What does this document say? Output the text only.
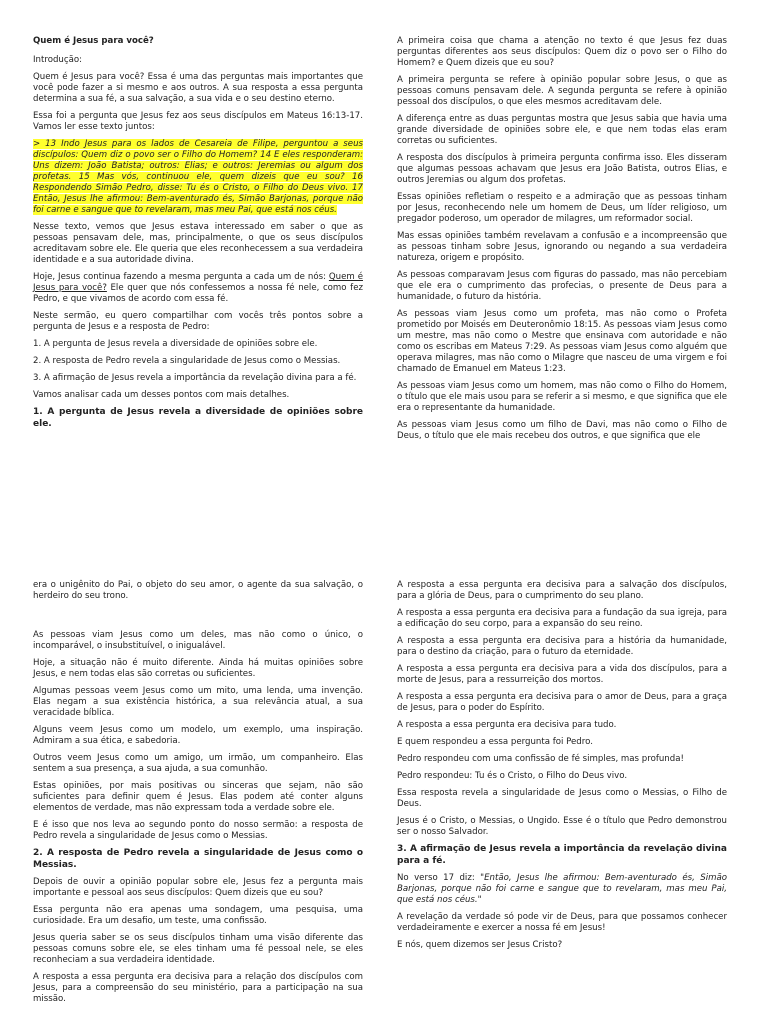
Quem é Jesus para você?

Introdução:

Quem é Jesus para você? Essa é uma das perguntas mais importantes que você pode fazer a si mesmo e aos outros. A sua resposta a essa pergunta determina a sua fé, a sua salvação, a sua vida e o seu destino eterno.

Essa foi a pergunta que Jesus fez aos seus discípulos em Mateus 16:13-17. Vamos ler esse texto juntos:

> 13 Indo Jesus para os lados de Cesareia de Filipe, perguntou a seus discípulos: Quem diz o povo ser o Filho do Homem? 14 E eles responderam: Uns dizem: João Batista; outros: Elias; e outros: Jeremias ou algum dos profetas. 15 Mas vós, continuou ele, quem dizeis que eu sou? 16 Respondendo Simão Pedro, disse: Tu és o Cristo, o Filho do Deus vivo. 17 Então, Jesus lhe afirmou: Bem-aventurado és, Simão Barjonas, porque não foi carne e sangue que to revelaram, mas meu Pai, que está nos céus.

Nesse texto, vemos que Jesus estava interessado em saber o que as pessoas pensavam dele, mas, principalmente, o que os seus discípulos acreditavam sobre ele. Ele queria que eles reconhecessem a sua verdadeira identidade e a sua autoridade divina.

Hoje, Jesus continua fazendo a mesma pergunta a cada um de nós: Quem é Jesus para você? Ele quer que nós confessemos a nossa fé nele, como fez Pedro, e que vivamos de acordo com essa fé.

Neste sermão, eu quero compartilhar com vocês três pontos sobre a pergunta de Jesus e a resposta de Pedro:

1. A pergunta de Jesus revela a diversidade de opiniões sobre ele.

2. A resposta de Pedro revela a singularidade de Jesus como o Messias.

3. A afirmação de Jesus revela a importância da revelação divina para a fé.

Vamos analisar cada um desses pontos com mais detalhes.

1. A pergunta de Jesus revela a diversidade de opiniões sobre ele.

A primeira coisa que chama a atenção no texto é que Jesus fez duas perguntas diferentes aos seus discípulos: Quem diz o povo ser o Filho do Homem? e Quem dizeis que eu sou?

A primeira pergunta se refere à opinião popular sobre Jesus, o que as pessoas comuns pensavam dele. A segunda pergunta se refere à opinião pessoal dos discípulos, o que eles mesmos acreditavam dele.

A diferença entre as duas perguntas mostra que Jesus sabia que havia uma grande diversidade de opiniões sobre ele, e que nem todas elas eram corretas ou suficientes.

A resposta dos discípulos à primeira pergunta confirma isso. Eles disseram que algumas pessoas achavam que Jesus era João Batista, outros Elias, e outros Jeremias ou algum dos profetas.

Essas opiniões refletiam o respeito e a admiração que as pessoas tinham por Jesus, reconhecendo nele um homem de Deus, um líder religioso, um pregador poderoso, um operador de milagres, um reformador social.

Mas essas opiniões também revelavam a confusão e a incompreensão que as pessoas tinham sobre Jesus, ignorando ou negando a sua verdadeira natureza, origem e propósito.

As pessoas comparavam Jesus com figuras do passado, mas não percebiam que ele era o cumprimento das profecias, o presente de Deus para a humanidade, o futuro da história.

As pessoas viam Jesus como um profeta, mas não como o Profeta prometido por Moisés em Deuteronômio 18:15. As pessoas viam Jesus como um mestre, mas não como o Mestre que ensinava com autoridade e não como os escribas em Mateus 7:29. As pessoas viam Jesus como alguém que operava milagres, mas não como o Milagre que nasceu de uma virgem e foi chamado de Emanuel em Mateus 1:23.

As pessoas viam Jesus como um homem, mas não como o Filho do Homem, o título que ele mais usou para se referir a si mesmo, e que significa que ele era o representante da humanidade.

As pessoas viam Jesus como um filho de Davi, mas não como o Filho de Deus, o título que ele mais recebeu dos outros, e que significa que ele

era o unigênito do Pai, o objeto do seu amor, o agente da sua salvação, o herdeiro do seu trono.

As pessoas viam Jesus como um deles, mas não como o único, o incomparável, o insubstituível, o inigualável.

Hoje, a situação não é muito diferente. Ainda há muitas opiniões sobre Jesus, e nem todas elas são corretas ou suficientes.

Algumas pessoas veem Jesus como um mito, uma lenda, uma invenção. Elas negam a sua existência histórica, a sua relevância atual, a sua veracidade bíblica.

Alguns veem Jesus como um modelo, um exemplo, uma inspiração. Admiram a sua ética, e sabedoria.

Outros veem Jesus como um amigo, um irmão, um companheiro. Elas sentem a sua presença, a sua ajuda, a sua comunhão.

Estas opiniões, por mais positivas ou sinceras que sejam, não são suficientes para definir quem é Jesus. Elas podem até conter alguns elementos de verdade, mas não expressam toda a verdade sobre ele.

E é isso que nos leva ao segundo ponto do nosso sermão: a resposta de Pedro revela a singularidade de Jesus como o Messias.

2. A resposta de Pedro revela a singularidade de Jesus como o Messias.

Depois de ouvir a opinião popular sobre ele, Jesus fez a pergunta mais importante e pessoal aos seus discípulos: Quem dizeis que eu sou?

Essa pergunta não era apenas uma sondagem, uma pesquisa, uma curiosidade. Era um desafio, um teste, uma confissão.

Jesus queria saber se os seus discípulos tinham uma visão diferente das pessoas comuns sobre ele, se eles tinham uma fé pessoal nele, se eles reconheciam a sua verdadeira identidade.

A resposta a essa pergunta era decisiva para a relação dos discípulos com Jesus, para a compreensão do seu ministério, para a participação na sua missão.

A resposta a essa pergunta era decisiva para a salvação dos discípulos, para a glória de Deus, para o cumprimento do seu plano.

A resposta a essa pergunta era decisiva para a fundação da sua igreja, para a edificação do seu corpo, para a expansão do seu reino.

A resposta a essa pergunta era decisiva para a história da humanidade, para o destino da criação, para o futuro da eternidade.

A resposta a essa pergunta era decisiva para a vida dos discípulos, para a morte de Jesus, para a ressurreição dos mortos.

A resposta a essa pergunta era decisiva para o amor de Deus, para a graça de Jesus, para o poder do Espírito.

A resposta a essa pergunta era decisiva para tudo.

E quem respondeu a essa pergunta foi Pedro.

Pedro respondeu com uma confissão de fé simples, mas profunda!

Pedro respondeu: Tu és o Cristo, o Filho do Deus vivo.

Essa resposta revela a singularidade de Jesus como o Messias, o Filho de Deus.

Jesus é o Cristo, o Messias, o Ungido. Esse é o título que Pedro demonstrou ser o nosso Salvador.

3. A afirmação de Jesus revela a importância da revelação divina para a fé.

No verso 17 diz: "Então, Jesus lhe afirmou: Bem-aventurado és, Simão Barjonas, porque não foi carne e sangue que to revelaram, mas meu Pai, que está nos céus."

A revelação da verdade só pode vir de Deus, para que possamos conhecer verdadeiramente e exercer a nossa fé em Jesus!

E nós, quem dizemos ser Jesus Cristo?
